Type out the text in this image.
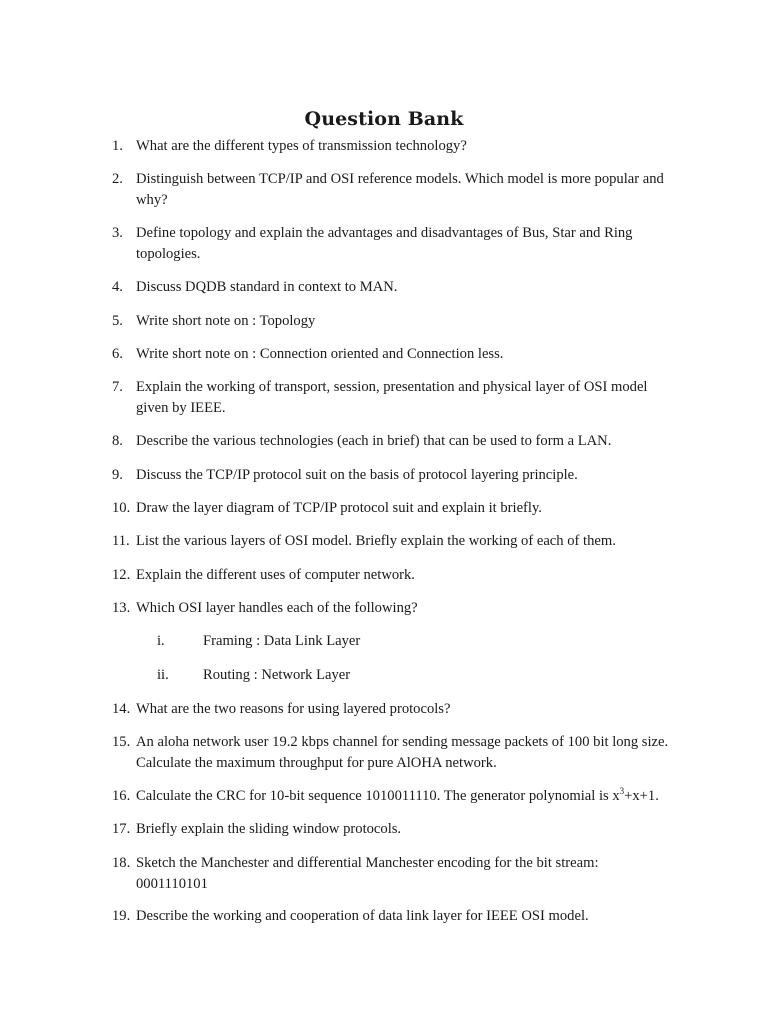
Question Bank
1. What are the different types of transmission technology?
2. Distinguish between TCP/IP and OSI reference models. Which model is more popular and why?
3. Define topology and explain the advantages and disadvantages of Bus, Star and Ring topologies.
4. Discuss DQDB standard in context to MAN.
5. Write short note on : Topology
6. Write short note on : Connection oriented and Connection less.
7. Explain the working of transport, session, presentation and physical layer of OSI model given by IEEE.
8. Describe the various technologies (each in brief) that can be used to form a LAN.
9. Discuss the TCP/IP protocol suit on the basis of protocol layering principle.
10. Draw the layer diagram of TCP/IP protocol suit and explain it briefly.
11. List the various layers of OSI model. Briefly explain the working of each of them.
12. Explain the different uses of computer network.
13. Which OSI layer handles each of the following?
i.	Framing : Data Link Layer
ii. Routing : Network Layer
14. What are the two reasons for using layered protocols?
15. An aloha network user 19.2 kbps channel for sending message packets of 100 bit long size. Calculate the maximum throughput for pure AlOHA network.
16. Calculate the CRC for 10-bit sequence 1010011110. The generator polynomial is $x^3+x+1$.
17. Briefly explain the sliding window protocols.
18. Sketch the Manchester and differential Manchester encoding for the bit stream: 0001110101
19. Describe the working and cooperation of data link layer for IEEE OSI model.
